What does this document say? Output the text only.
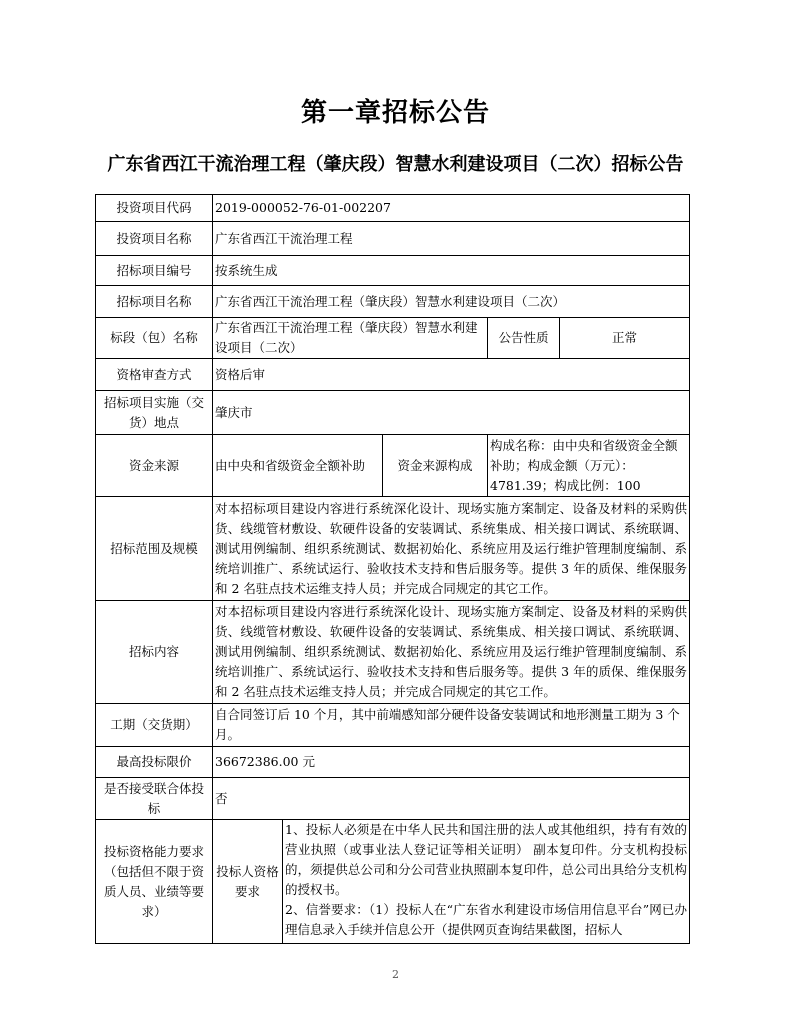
第一章招标公告
广东省西江干流治理工程（肇庆段）智慧水利建设项目（二次）招标公告
投资项目代码	2019-000052-76-01-002207				
投资项目名称	广东省西江干流治理工程				
招标项目编号	按系统生成				
招标项目名称	广东省西江干流治理工程（肇庆段）智慧水利建设项目（二次）				
标段（包）名称	广东省西江干流治理工程（肇庆段）智慧水利建设项目（二次）			公告性质	正常
资格审查方式	资格后审				
招标项目实施（交货）地点	肇庆市				
资金来源	由中央和省级资金全额补助		资金来源构成	构成名称：由中央和省级资金全额补助；构成金额（万元）：4781.39；构成比例：100	
招标范围及规模	对本招标项目建设内容进行系统深化设计、现场实施方案制定、设备及材料的采购供货、线缆管材敷设、软硬件设备的安装调试、系统集成、相关接口调试、系统联调、测试用例编制、组织系统测试、数据初始化、系统应用及运行维护管理制度编制、系统培训推广、系统试运行、验收技术支持和售后服务等。提供 3 年的质保、维保服务和 2 名驻点技术运维支持人员；并完成合同规定的其它工作。				
招标内容	对本招标项目建设内容进行系统深化设计、现场实施方案制定、设备及材料的采购供货、线缆管材敷设、软硬件设备的安装调试、系统集成、相关接口调试、系统联调、测试用例编制、组织系统测试、数据初始化、系统应用及运行维护管理制度编制、系统培训推广、系统试运行、验收技术支持和售后服务等。提供 3 年的质保、维保服务和 2 名驻点技术运维支持人员；并完成合同规定的其它工作。				
工期（交货期）	自合同签订后 10 个月，其中前端感知部分硬件设备安装调试和地形测量工期为 3 个月。				
最高投标限价	36672386.00 元				
是否接受联合体投标	否				
投标资格能力要求（包括但不限于资质人员、业绩等要求）	投标人资格要求	1、投标人必须是在中华人民共和国注册的法人或其他组织，持有有效的营业执照（或事业法人登记证等相关证明） 副本复印件。分支机构投标的，须提供总公司和分公司营业执照副本复印件，总公司出具给分支机构的授权书。
2、信誉要求：（1）投标人在“广东省水利建设市场信用信息平台”网已办理信息录入手续并信息公开（提供网页查询结果截图，招标人			
2
